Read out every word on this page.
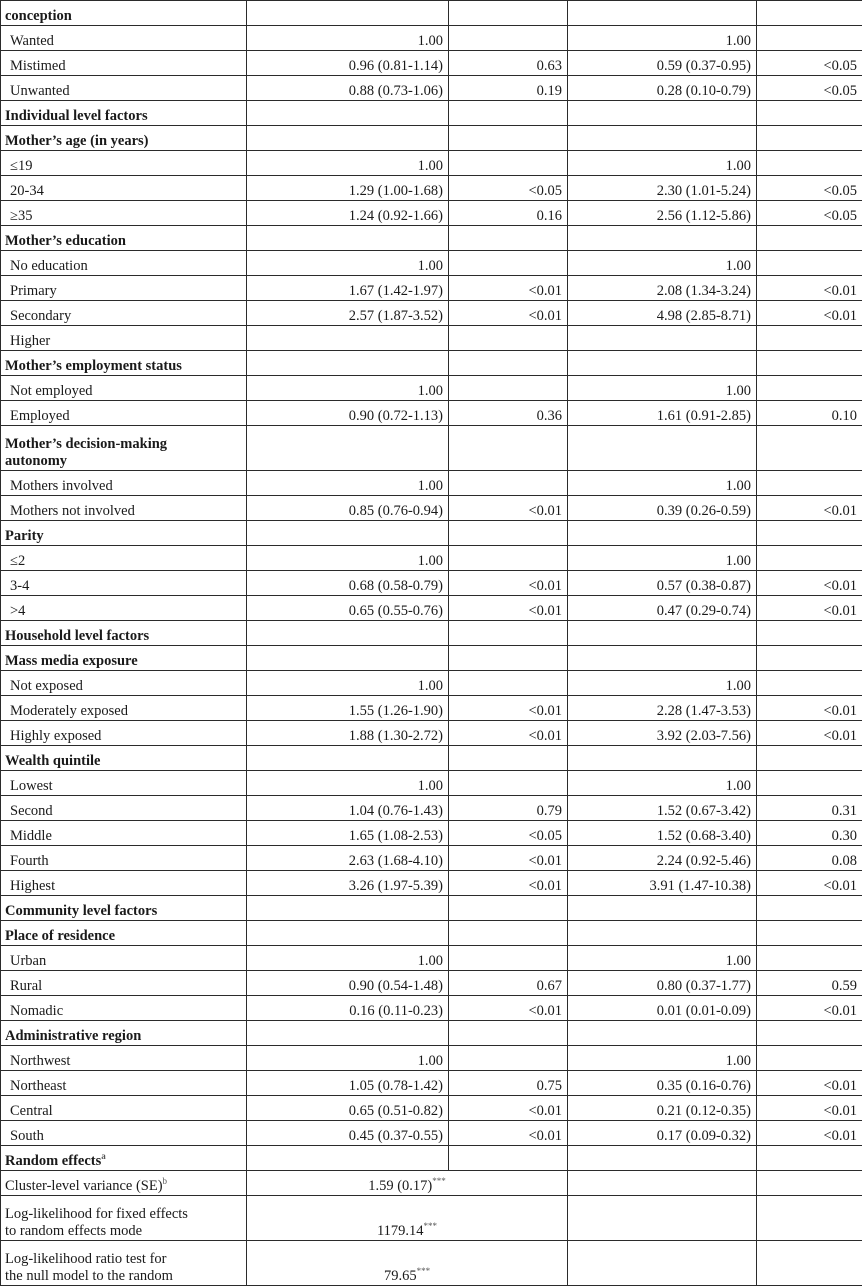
conception				
Wanted	1.00		1.00	
Mistimed	0.96 (0.81-1.14)	0.63	0.59 (0.37-0.95)	<0.05
Unwanted	0.88 (0.73-1.06)	0.19	0.28 (0.10-0.79)	<0.05
Individual level factors				
Mother’s age (in years)				
≤19	1.00		1.00	
20-34	1.29 (1.00-1.68)	<0.05	2.30 (1.01-5.24)	<0.05
≥35	1.24 (0.92-1.66)	0.16	2.56 (1.12-5.86)	<0.05
Mother’s education				
No education	1.00		1.00	
Primary	1.67 (1.42-1.97)	<0.01	2.08 (1.34-3.24)	<0.01
Secondary	2.57 (1.87-3.52)	<0.01	4.98 (2.85-8.71)	<0.01
Higher				
Mother’s employment status				
Not employed	1.00		1.00	
Employed	0.90 (0.72-1.13)	0.36	1.61 (0.91-2.85)	0.10
Mother’s decision-making
autonomy				
Mothers involved	1.00		1.00	
Mothers not involved	0.85 (0.76-0.94)	<0.01	0.39 (0.26-0.59)	<0.01
Parity				
≤2	1.00		1.00	
3-4	0.68 (0.58-0.79)	<0.01	0.57 (0.38-0.87)	<0.01
>4	0.65 (0.55-0.76)	<0.01	0.47 (0.29-0.74)	<0.01
Household level factors				
Mass media exposure				
Not exposed	1.00		1.00	
Moderately exposed	1.55 (1.26-1.90)	<0.01	2.28 (1.47-3.53)	<0.01
Highly exposed	1.88 (1.30-2.72)	<0.01	3.92 (2.03-7.56)	<0.01
Wealth quintile				
Lowest	1.00		1.00	
Second	1.04 (0.76-1.43)	0.79	1.52 (0.67-3.42)	0.31
Middle	1.65 (1.08-2.53)	<0.05	1.52 (0.68-3.40)	0.30
Fourth	2.63 (1.68-4.10)	<0.01	2.24 (0.92-5.46)	0.08
Highest	3.26 (1.97-5.39)	<0.01	3.91 (1.47-10.38)	<0.01
Community level factors				
Place of residence				
Urban	1.00		1.00	
Rural	0.90 (0.54-1.48)	0.67	0.80 (0.37-1.77)	0.59
Nomadic	0.16 (0.11-0.23)	<0.01	0.01 (0.01-0.09)	<0.01
Administrative region				
Northwest	1.00		1.00	
Northeast	1.05 (0.78-1.42)	0.75	0.35 (0.16-0.76)	<0.01
Central	0.65 (0.51-0.82)	<0.01	0.21 (0.12-0.35)	<0.01
South	0.45 (0.37-0.55)	<0.01	0.17 (0.09-0.32)	<0.01
Random effects$^a$				
Cluster-level variance (SE)$^b$	1.59 (0.17)***		
Log-likelihood for fixed effects
to random effects mode	1179.14***		
Log-likelihood ratio test for
the null model to the random	79.65***		
